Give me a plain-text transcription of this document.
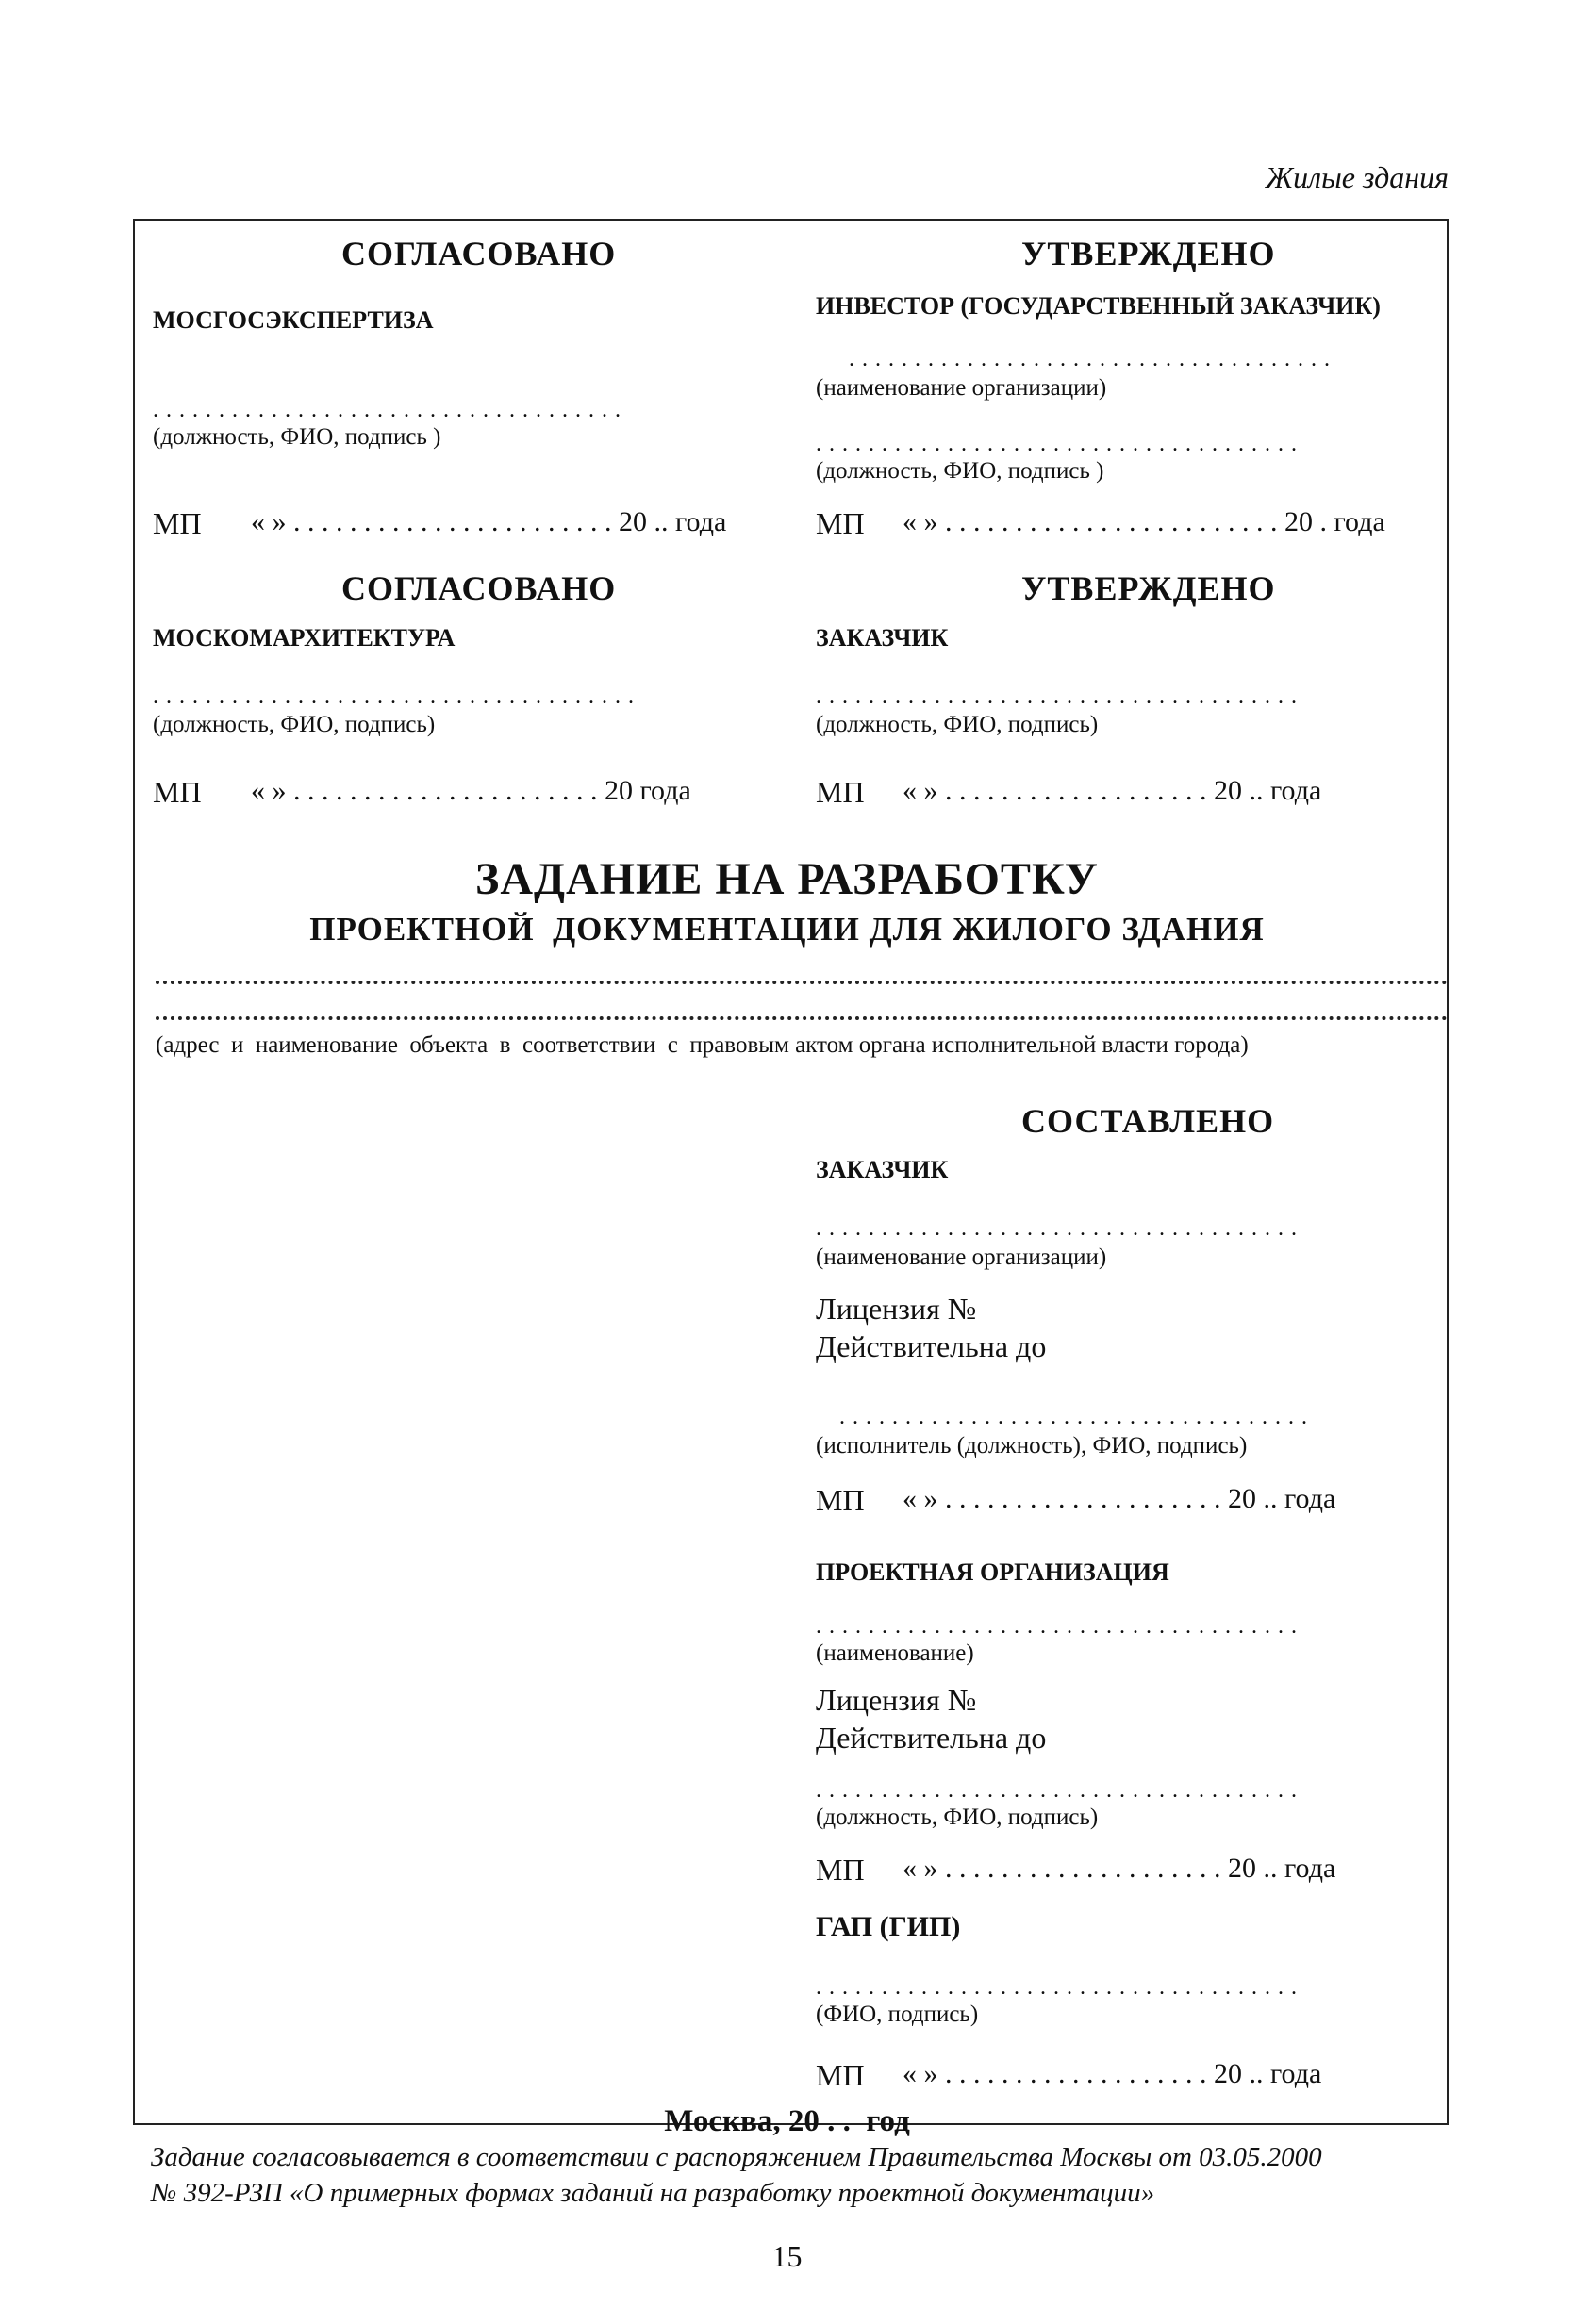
Жилые здания
СОГЛАСОВАНО
МОСГОСЭКСПЕРТИЗА
. . . . . . . . . . . . . . . . . . . . . . . . . . . . . . . . . . . .
(должность, ФИО, подпись )
МП « » . . . . . . . . . . . . . . . . . . . . . . . 20 .. года
УТВЕРЖДЕНО
ИНВЕСТОР (ГОСУДАРСТВЕННЫЙ ЗАКАЗЧИК)
. . . . . . . . . . . . . . . . . . . . . . . . . . . . . . . . . . . . .
(наименование организации)
. . . . . . . . . . . . . . . . . . . . . . . . . . . . . . . . . . . . .
(должность, ФИО, подпись )
МП « » . . . . . . . . . . . . . . . . . . . . . . . . 20 . года
СОГЛАСОВАНО
МОСКОМАРХИТЕКТУРА
. . . . . . . . . . . . . . . . . . . . . . . . . . . . . . . . . . . . .
(должность, ФИО, подпись)
МП « » . . . . . . . . . . . . . . . . . . . . . . 20 года
УТВЕРЖДЕНО
ЗАКАЗЧИК
. . . . . . . . . . . . . . . . . . . . . . . . . . . . . . . . . . . . .
(должность, ФИО, подпись)
МП « » . . . . . . . . . . . . . . . . . . . 20 .. года
ЗАДАНИЕ НА РАЗРАБОТКУ
ПРОЕКТНОЙ  ДОКУМЕНТАЦИИ ДЛЯ ЖИЛОГО ЗДАНИЯ
(адрес  и  наименование  объекта  в  соответствии  с  правовым актом органа исполнительной власти города)
СОСТАВЛЕНО
ЗАКАЗЧИК
. . . . . . . . . . . . . . . . . . . . . . . . . . . . . . . . . . . . .
(наименование организации)
Лицензия №
Действительна до
. . . . . . . . . . . . . . . . . . . . . . . . . . . . . . . . . . . .
(исполнитель (должность), ФИО, подпись)
МП « » . . . . . . . . . . . . . . . . . . . . 20 .. года
ПРОЕКТНАЯ ОРГАНИЗАЦИЯ
. . . . . . . . . . . . . . . . . . . . . . . . . . . . . . . . . . . . .
(наименование)
Лицензия №
Действительна до
. . . . . . . . . . . . . . . . . . . . . . . . . . . . . . . . . . . . .
(должность, ФИО, подпись)
МП « » . . . . . . . . . . . . . . . . . . . . 20 .. года
ГАП (ГИП)
. . . . . . . . . . . . . . . . . . . . . . . . . . . . . . . . . . . . .
(ФИО, подпись)
МП « » . . . . . . . . . . . . . . . . . . . 20 .. года
Москва, 20 . .  год
Задание согласовывается в соответствии с распоряжением Правительства Москвы от 03.05.2000
№ 392-РЗП «О примерных формах заданий на разработку проектной документации»
15
